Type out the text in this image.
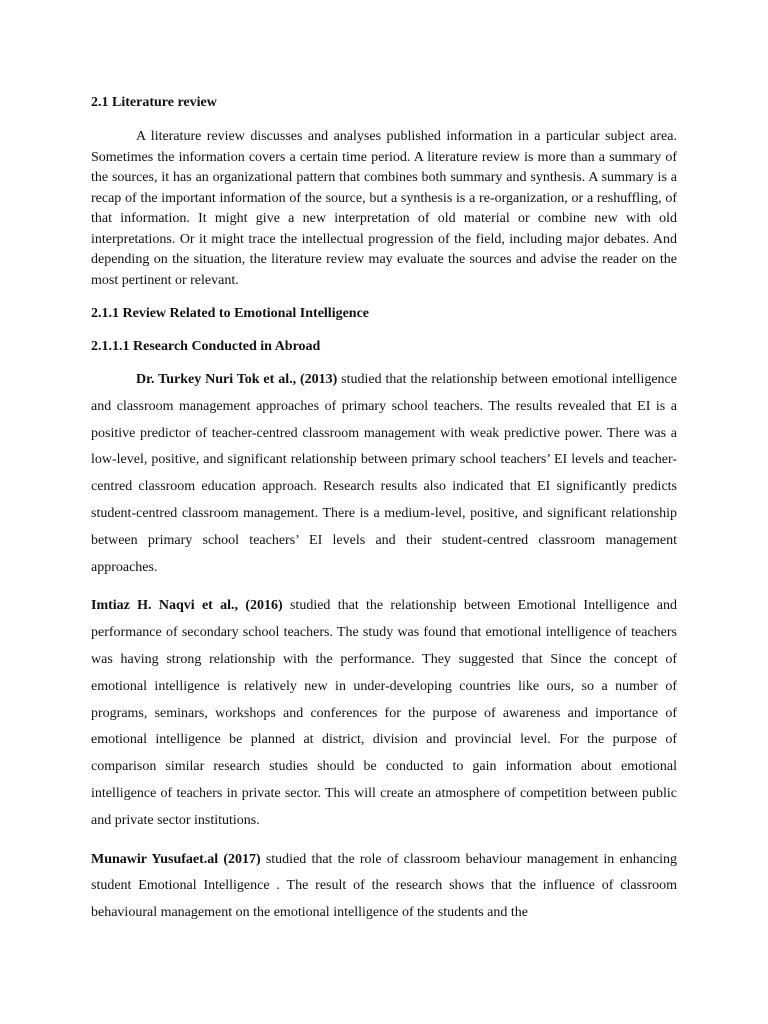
2.1 Literature review

A literature review discusses and analyses published information in a particular subject area. Sometimes the information covers a certain time period. A literature review is more than a summary of the sources, it has an organizational pattern that combines both summary and synthesis. A summary is a recap of the important information of the source, but a synthesis is a re-organization, or a reshuffling, of that information. It might give a new interpretation of old material or combine new with old interpretations. Or it might trace the intellectual progression of the field, including major debates. And depending on the situation, the literature review may evaluate the sources and advise the reader on the most pertinent or relevant.

2.1.1 Review Related to Emotional Intelligence

2.1.1.1 Research Conducted in Abroad

Dr. Turkey Nuri Tok et al., (2013) studied that the relationship between emotional intelligence and classroom management approaches of primary school teachers. The results revealed that EI is a positive predictor of teacher-centred classroom management with weak predictive power. There was a low-level, positive, and significant relationship between primary school teachers’ EI levels and teacher-centred classroom education approach. Research results also indicated that EI significantly predicts student-centred classroom management. There is a medium-level, positive, and significant relationship between primary school teachers’ EI levels and their student-centred classroom management approaches.

Imtiaz H. Naqvi et al., (2016) studied that the relationship between Emotional Intelligence and performance of secondary school teachers. The study was found that emotional intelligence of teachers was having strong relationship with the performance. They suggested that Since the concept of emotional intelligence is relatively new in under-developing countries like ours, so a number of programs, seminars, workshops and conferences for the purpose of awareness and importance of emotional intelligence be planned at district, division and provincial level. For the purpose of comparison similar research studies should be conducted to gain information about emotional intelligence of teachers in private sector. This will create an atmosphere of competition between public and private sector institutions.

Munawir Yusufaet.al (2017) studied that the role of classroom behaviour management in enhancing student Emotional Intelligence . The result of the research shows that the influence of classroom behavioural management on the emotional intelligence of the students and the
